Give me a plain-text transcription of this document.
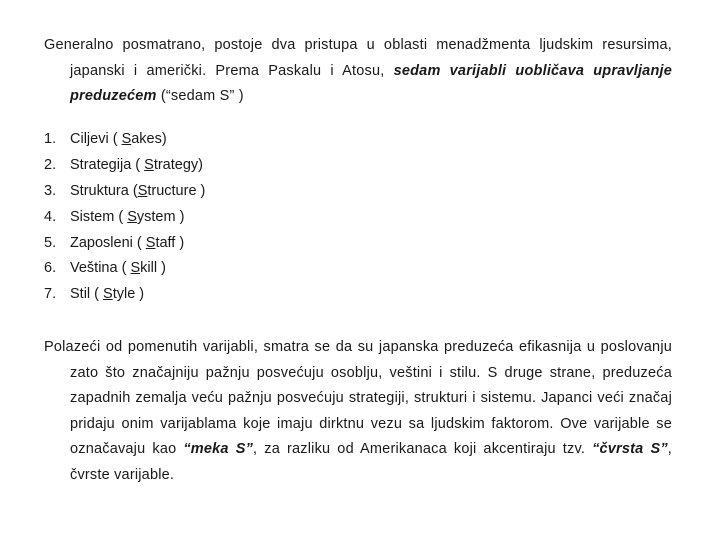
Generalno posmatrano, postoje dva pristupa u oblasti menadžmenta ljudskim resursima, japanski i američki. Prema Paskalu i Atosu, sedam varijabli uobličava upravljanje preduzećem (“sedam S” )

1. Ciljevi ( Sakes)
2. Strategija ( Strategy)
3. Struktura (Structure )
4. Sistem ( System )
5. Zaposleni ( Staff )
6. Veština ( Skill )
7. Stil ( Style )

Polazeći od pomenutih varijabli, smatra se da su japanska preduzeća efikasnija u poslovanju zato što značajniju pažnju posvećuju osoblju, veštini i stilu. S druge strane, preduzeća zapadnih zemalja veću pažnju posvećuju strategiji, strukturi i sistemu. Japanci veći značaj pridaju onim varijablama koje imaju dirktnu vezu sa ljudskim faktorom. Ove varijable se označavaju kao “meka S”, za razliku od Amerikanaca koji akcentiraju tzv. “čvrsta S”, čvrste varijable.
